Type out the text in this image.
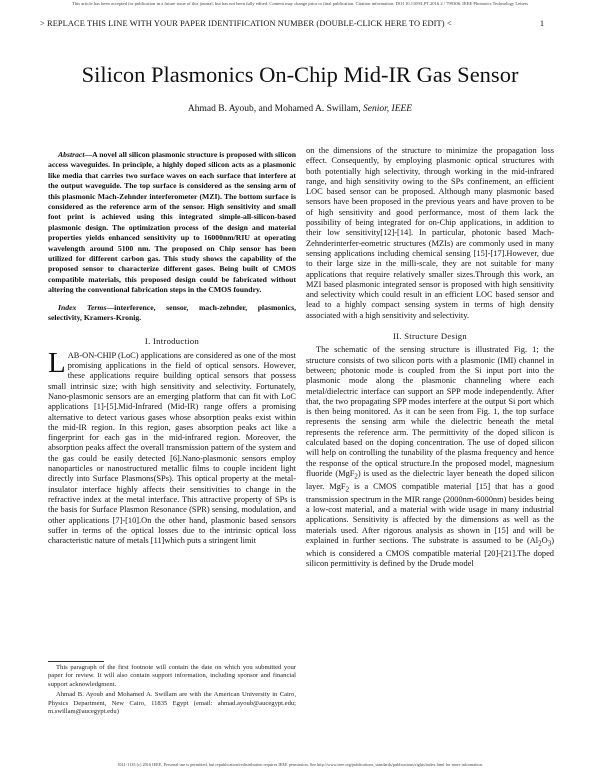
This article has been accepted for publication in a future issue of this journal, but has not been fully edited. Content may change prior to final publication. Citation information: DOI 10.1109/LPT.2016.2 / 799306, IEEE Photonics Technology Letters
> REPLACE THIS LINE WITH YOUR PAPER IDENTIFICATION NUMBER (DOUBLE-CLICK HERE TO EDIT) <	1
Silicon Plasmonics On-Chip Mid-IR Gas Sensor
Ahmad B. Ayoub, and Mohamed A. Swillam, Senior, IEEE

Abstract—A novel all silicon plasmonic structure is proposed with silicon access waveguides. In principle, a highly doped silicon acts as a plasmonic like media that carries two surface waves on each surface that interfere at the output waveguide. The top surface is considered as the sensing arm of this plasmonic Mach-Zehnder interferometer (MZI). The bottom surface is considered as the reference arm of the sensor. High sensitivity and small foot print is achieved using this integrated simple-all-silicon-based plasmonic design. The optimization process of the design and material properties yields enhanced sensitivity up to 16000nm/RIU at operating wavelength around 5100 nm. The proposed on Chip sensor has been utilized for different carbon gas. This study shows the capability of the proposed sensor to characterize different gases. Being built of CMOS compatible materials, this proposed design could be fabricated without altering the conventional fabrication steps in the CMOS foundry.

Index Terms—interference, sensor, mach-zehnder, plasmonics, selectivity, Kramers-Kronig.

I. Introduction

LAB-ON-CHIP (LoC) applications are considered as one of the most promising applications in the field of optical sensors. However, these applications require building optical sensors that possess small intrinsic size; with high sensitivity and selectivity. Fortunately, Nano-plasmonic sensors are an emerging platform that can fit with LoC applications [1]-[5].Mid-Infrared (Mid-IR) range offers a promising alternative to detect various gases whose absorption peaks exist within the mid-IR region. In this region, gases absorption peaks act like a fingerprint for each gas in the mid-infrared region. Moreover, the absorption peaks affect the overall transmission pattern of the system and the gas could be easily detected [6].Nano-plasmonic sensors employ nanoparticles or nanostructured metallic films to couple incident light directly into Surface Plasmons(SPs). This optical property at the metal-insulator interface highly affects their sensitivities to change in the refractive index at the metal interface. This attractive property of SPs is the basis for Surface Plasmon Resonance (SPR) sensing, modulation, and other applications [7]-[10].On the other hand, plasmonic based sensors suffer in terms of the optical losses due to the intrinsic optical loss characteristic nature of metals [11]which puts a stringent limit

on the dimensions of the structure to minimize the propagation loss effect. Consequently, by employing plasmonic optical structures with both potentially high selectivity, through working in the mid-infrared range, and high sensitivity owing to the SPs confinement, an efficient LOC based sensor can be proposed. Although many plasmonic based sensors have been proposed in the previous years and have proven to be of high sensitivity and good performance, most of them lack the possibility of being integrated for on-Chip applications, in addition to their low sensitivity[12]-[14]. In particular, photonic based Mach-Zehnderinterfer-eometric structures (MZIs) are commonly used in many sensing applications including chemical sensing [15]-[17].However, due to their large size in the milli-scale, they are not suitable for many applications that require relatively smaller sizes.Through this work, an MZI based plasmonic integrated sensor is proposed with high sensitivity and selectivity which could result in an efficient LOC based sensor and lead to a highly compact sensing system in terms of high density associated with a high sensitivity and selectivity.

II. Structure Design

The schematic of the sensing structure is illustrated Fig. 1; the structure consists of two silicon ports with a plasmonic (IMI) channel in between; photonic mode is coupled from the Si input port into the plasmonic mode along the plasmonic channeling where each metal/dielectric interface can support an SPP mode independently. After that, the two propagating SPP modes interfere at the output Si port which is then being monitored. As it can be seen from Fig. 1, the top surface represents the sensing arm while the dielectric beneath the metal represents the reference arm. The permittivity of the doped silicon is calculated based on the doping concentration. The use of doped silicon will help on controlling the tunability of the plasma frequency and hence the response of the optical structure.In the proposed model, magnesium fluoride (MgF$_2$) is used as the dielectric layer beneath the doped silicon layer. MgF$_2$ is a CMOS compatible material [15] that has a good transmission spectrum in the MIR range (2000nm-6000nm) besides being a low-cost material, and a material with wide usage in many industrial applications. Sensitivity is affected by the dimensions as well as the materials used. After rigorous analysis as shown in [15] and will be explained in further sections. The substrate is assumed to be $(Al_2O_3)$ which is considered a CMOS compatible material [20]-[21].The doped silicon permittivity is defined by the Drude model

This paragraph of the first footnote will contain the date on which you submitted your paper for review. It will also contain support information, including sponsor and financial support acknowledgment.

Ahmad B. Ayoub and Mohamed A. Swillam are with the American University in Cairo, Physics Department, New Cairo, 11835 Egypt (email: ahmad.ayoub@aucegypt.edu; m.swillam@aucegypt.edu)

1041-1135 (c) 2016 IEEE. Personal use is permitted, but republication/redistribution requires IEEE permission. See http://www.ieee.org/publications_standards/publications/rights/index.html for more information.
